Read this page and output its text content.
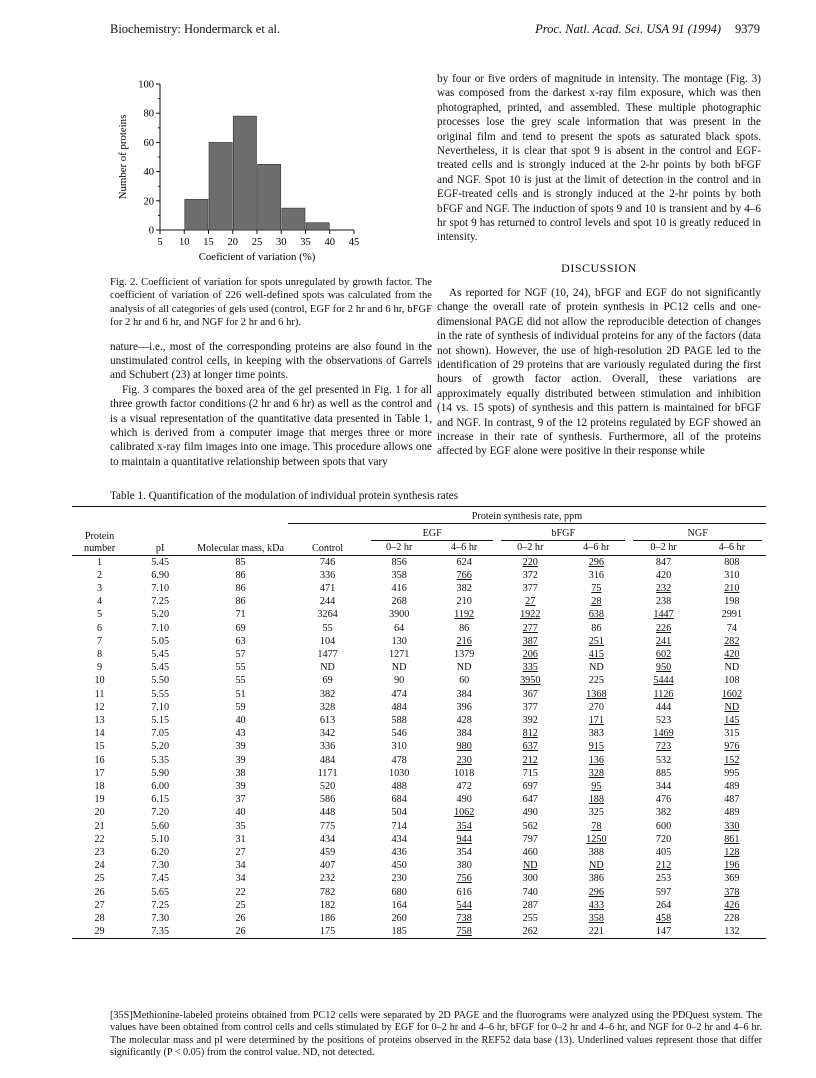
Biochemistry: Hondermarck et al.	Proc. Natl. Acad. Sci. USA 91 (1994) 9379
0
20
40
60
80
100
5 10 15 20 25 30 35 40 45
Coeficient of variation (%)
Number of proteins

Fig. 2. Coefficient of variation for spots unregulated by growth factor. The coefficient of variation of 226 well-defined spots was calculated from the analysis of all categories of gels used (control, EGF for 2 hr and 6 hr, bFGF for 2 hr and 6 hr, and NGF for 2 hr and 6 hr).

nature—i.e., most of the corresponding proteins are also found in the unstimulated control cells, in keeping with the observations of Garrels and Schubert (23) at longer time points.

Fig. 3 compares the boxed area of the gel presented in Fig. 1 for all three growth factor conditions (2 hr and 6 hr) as well as the control and is a visual representation of the quantitative data presented in Table 1, which is derived from a computer image that merges three or more calibrated x-ray film images into one image. This procedure allows one to maintain a quantitative relationship between spots that vary

by four or five orders of magnitude in intensity. The montage (Fig. 3) was composed from the darkest x-ray film exposure, which was then photographed, printed, and assembled. These multiple photographic processes lose the grey scale information that was present in the original film and tend to present the spots as saturated black spots. Nevertheless, it is clear that spot 9 is absent in the control and EGF-treated cells and is strongly induced at the 2-hr points by both bFGF and NGF. Spot 10 is just at the limit of detection in the control and in EGF-treated cells and is strongly induced at the 2-hr points by both bFGF and NGF. The induction of spots 9 and 10 is transient and by 4–6 hr spot 9 has returned to control levels and spot 10 is greatly reduced in intensity.

DISCUSSION

As reported for NGF (10, 24), bFGF and EGF do not significantly change the overall rate of protein synthesis in PC12 cells and one-dimensional PAGE did not allow the reproducible detection of changes in the rate of synthesis of individual proteins for any of the factors (data not shown). However, the use of high-resolution 2D PAGE led to the identification of 29 proteins that are variously regulated during the first hours of growth factor action. Overall, these variations are approximately equally distributed between stimulation and inhibition (14 vs. 15 spots) of synthesis and this pattern is maintained for bFGF and NGF. In contrast, 9 of the 12 proteins regulated by EGF showed an increase in their rate of synthesis. Furthermore, all of the proteins affected by EGF alone were positive in their response while

Table 1. Quantification of the modulation of individual protein synthesis rates
Protein number	pI	Molecular mass, kDa	Protein synthesis rate, ppm						
			Control	EGF		bFGF		NGF	

				0–2 hr	4–6 hr	0–2 hr	4–6 hr	0–2 hr	4–6 hr
1	5.45	85	746	856	624	220	296	847	808
2	6.90	86	336	358	766	372	316	420	310
3	7.10	86	471	416	382	377	75	232	210
4	7.25	86	244	268	210	27	28	238	198
5	5.20	71	3264	3900	1192	1922	638	1447	2991
6	7.10	69	55	64	86	277	86	226	74
7	5.05	63	104	130	216	387	251	241	282
8	5.45	57	1477	1271	1379	206	415	602	420
9	5.45	55	ND	ND	ND	335	ND	950	ND
10	5.50	55	69	90	60	3950	225	5444	108
11	5.55	51	382	474	384	367	1368	1126	1602
12	7.10	59	328	484	396	377	270	444	ND
13	5.15	40	613	588	428	392	171	523	145
14	7.05	43	342	546	384	812	383	1469	315
15	5.20	39	336	310	980	637	915	723	976
16	5.35	39	484	478	230	212	136	532	152
17	5.90	38	1171	1030	1018	715	328	885	995
18	6.00	39	520	488	472	697	95	344	489
19	6.15	37	586	684	490	647	188	476	487
20	7.20	40	448	504	1062	490	325	382	489
21	5.60	35	775	714	354	562	78	600	330
22	5.10	31	434	434	944	797	1250	720	861
23	6.20	27	459	436	354	460	388	405	128
24	7.30	34	407	450	380	ND	ND	212	196
25	7.45	34	232	230	756	300	386	253	369
26	5.65	22	782	680	616	740	296	597	378
27	7.25	25	182	164	544	287	433	264	426
28	7.30	26	186	260	738	255	358	458	228
29	7.35	26	175	185	758	262	221	147	132

[35S]Methionine-labeled proteins obtained from PC12 cells were separated by 2D PAGE and the fluorograms were analyzed using the PDQuest system. The values have been obtained from control cells and cells stimulated by EGF for 0–2 hr and 4–6 hr, bFGF for 0–2 hr and 4–6 hr, and NGF for 0–2 hr and 4–6 hr. The molecular mass and pI were determined by the positions of proteins observed in the REF52 data base (13). Underlined values represent those that differ significantly (P < 0.05) from the control value. ND, not detected.
